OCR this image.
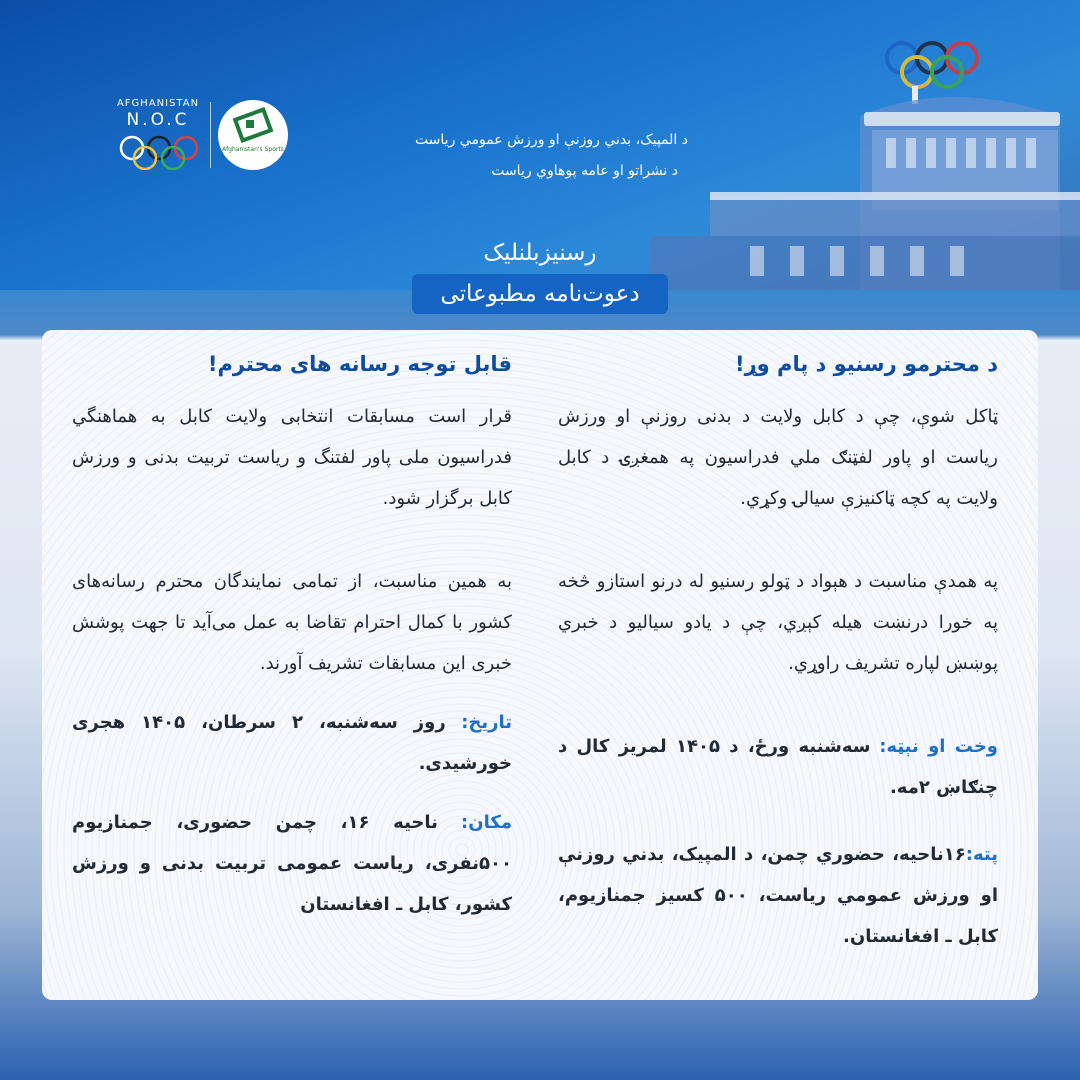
AFGHANISTAN
N.O.C
Afghanistan's Sports
د المپیک، بدني روزنې او ورزش عمومي ریاست
د نشراتو او عامه پوهاوي ریاست
رسنیزبلنلیک
دعوت‌نامه مطبوعاتی

د محترمو رسنیو د پام وړ!

ټاکل شوې، چې د کابل ولایت د بدنی روزنې او ورزش ریاست او پاور لفټنګ ملي فدراسیون په همغږۍ د کابل ولایت په کچه ټاکنیزې سیالۍ وکړي.

په همدې مناسبت د هېواد د ټولو رسنیو له درنو استازو څخه په خورا درنښت هیله کېږي، چې د یادو سیالیو د خبري پوښښ لپاره تشریف راوړي.

وخت او نېټه: سه‌شنبه ورځ، د ۱۴۰۵ لمریز کال د چنګاښ ۲مه.

پته:۱۶ناحیه، حضوري چمن، د المپیک، بدني روزنې او ورزش عمومي ریاست، ۵۰۰ کسیز جمنازیوم، کابل ـ افغانستان.

قابل توجه رسانه های محترم!

قرار است مسابقات انتخابی ولایت کابل به هماهنگي فدراسیون ملی پاور لفتنگ و ریاست تربیت بدنی و ورزش کابل برگزار شود.

به همین مناسبت، از تمامی نمایندگان محترم رسانه‌های کشور با کمال احترام تقاضا به عمل می‌آید تا جهت پوشش خبری این مسابقات تشریف آورند.

تاریخ: روز سه‌شنبه، ۲ سرطان، ۱۴۰۵ هجری خورشیدی.

مکان: ناحیه ۱۶، چمن حضوری، جمنازیوم ۵۰۰نفری، ریاست عمومی تربیت بدنی و ورزش کشور، کابل ـ افغانستان
